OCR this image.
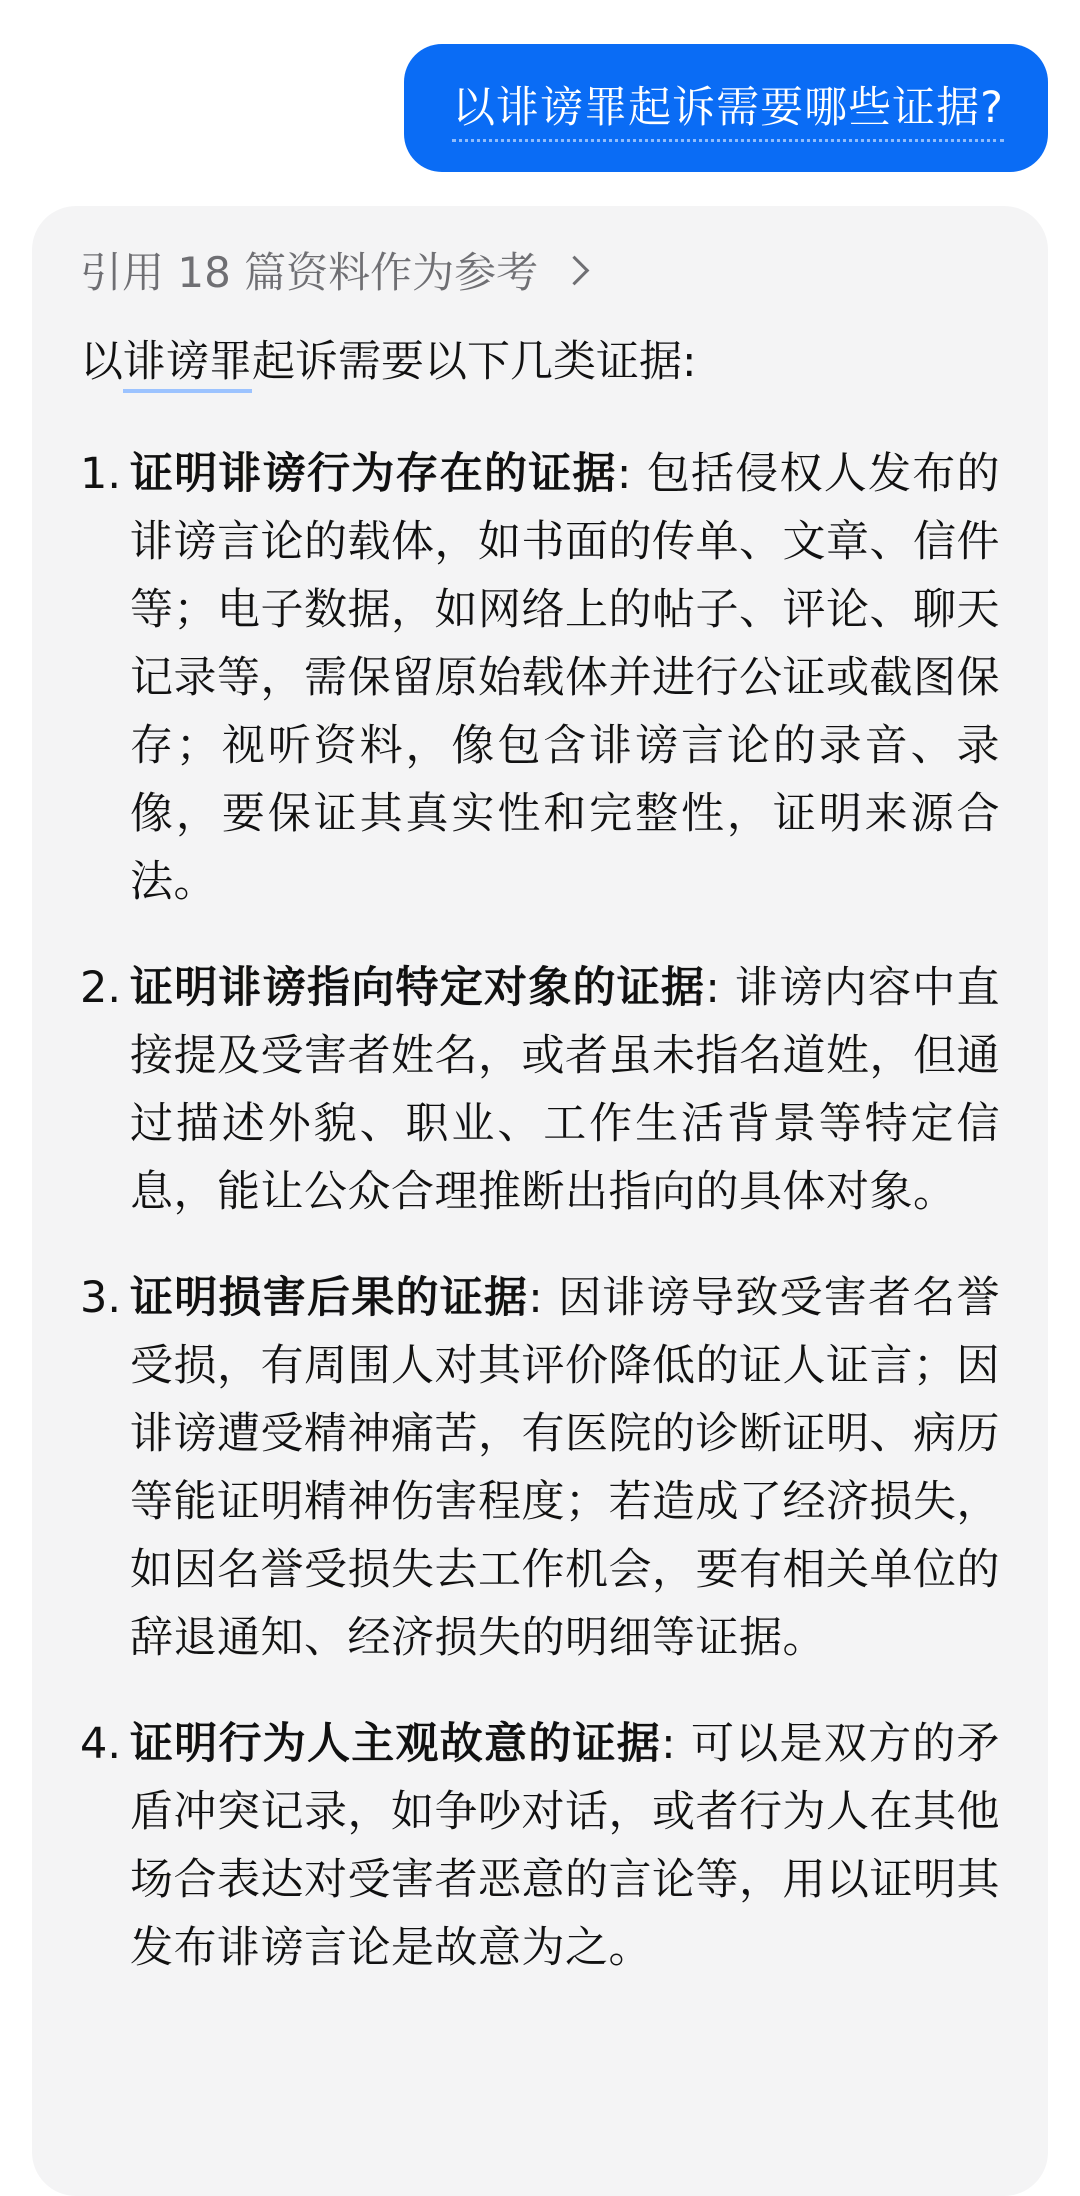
以诽谤罪起诉需要哪些证据?
引用 18 篇资料作为参考
以诽谤罪起诉需要以下几类证据:
1. 证明诽谤行为存在的证据: 包括侵权人发布的诽谤言论的载体，如书面的传单、文章、信件等；电子数据，如网络上的帖子、评论、聊天记录等，需保留原始载体并进行公证或截图保存；视听资料，像包含诽谤言论的录音、录像，要保证其真实性和完整性，证明来源合法。
2. 证明诽谤指向特定对象的证据: 诽谤内容中直接提及受害者姓名，或者虽未指名道姓，但通过描述外貌、职业、工作生活背景等特定信息，能让公众合理推断出指向的具体对象。
3. 证明损害后果的证据: 因诽谤导致受害者名誉受损，有周围人对其评价降低的证人证言；因诽谤遭受精神痛苦，有医院的诊断证明、病历等能证明精神伤害程度；若造成了经济损失，如因名誉受损失去工作机会，要有相关单位的辞退通知、经济损失的明细等证据。
4. 证明行为人主观故意的证据: 可以是双方的矛盾冲突记录，如争吵对话，或者行为人在其他场合表达对受害者恶意的言论等，用以证明其发布诽谤言论是故意为之。
